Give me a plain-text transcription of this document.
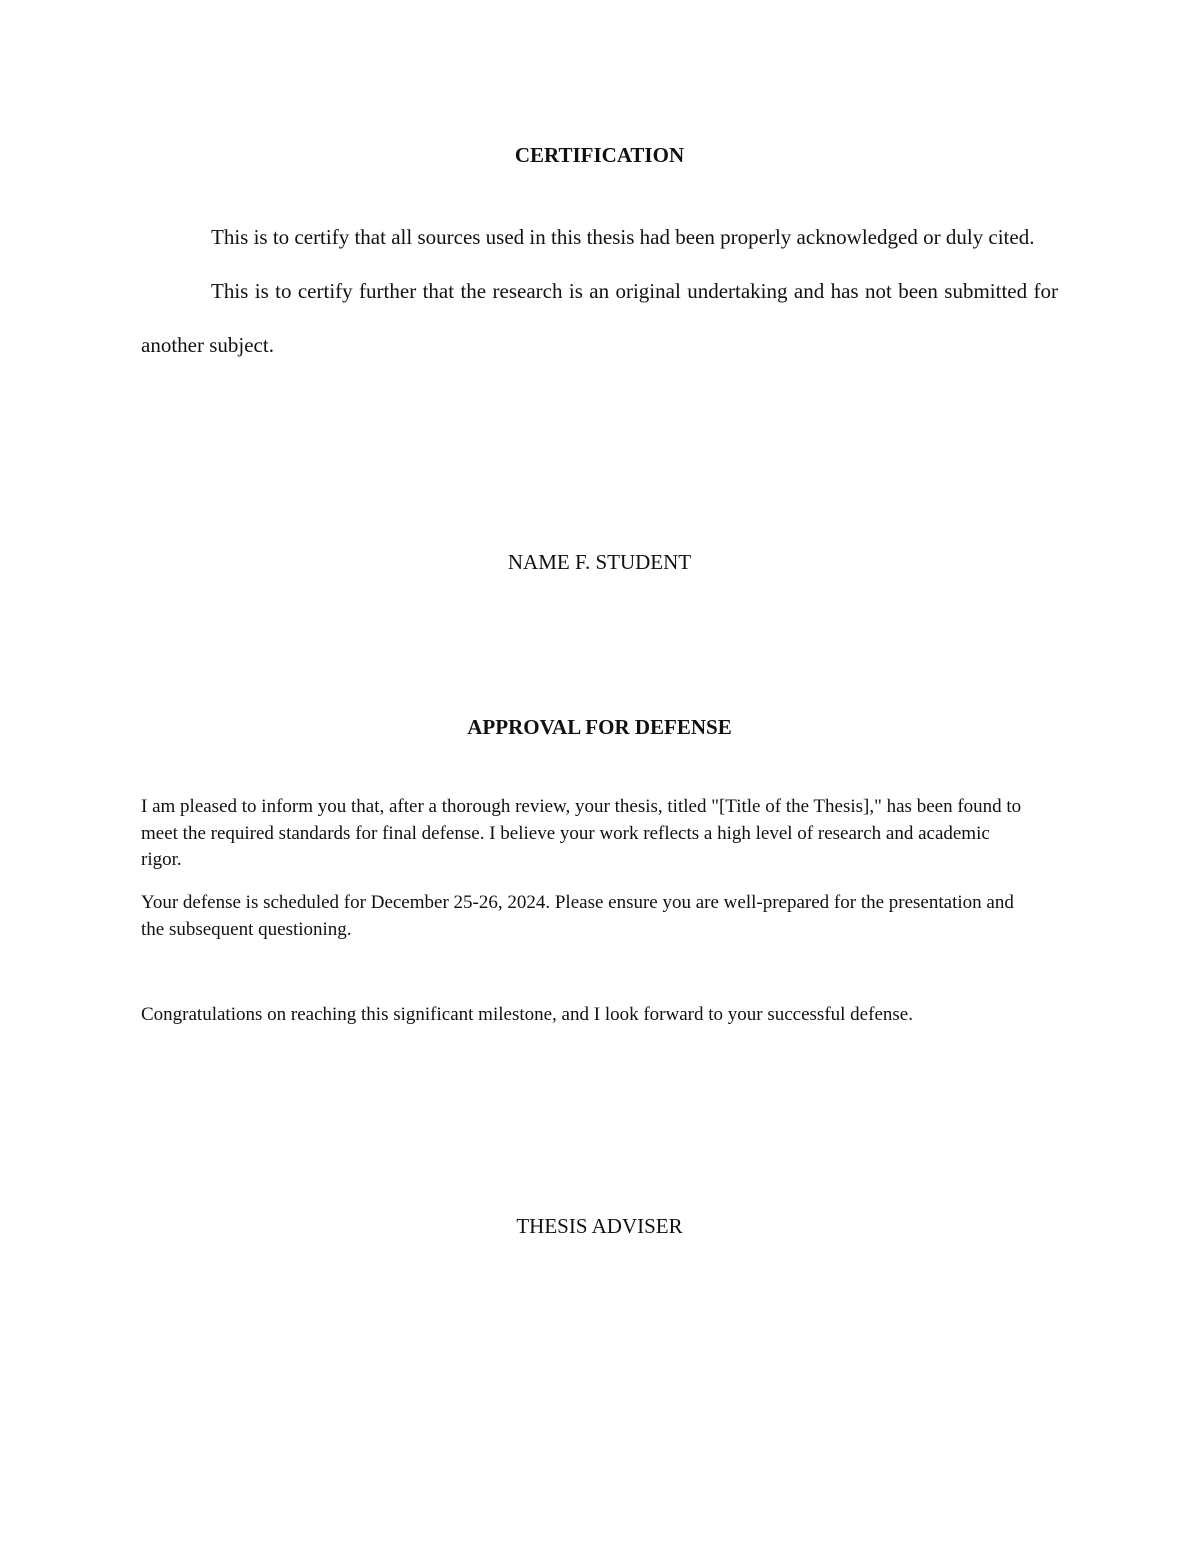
CERTIFICATION

This is to certify that all sources used in this thesis had been properly acknowledged or duly cited.

This is to certify further that the research is an original undertaking and has not been submitted for another subject.

NAME F. STUDENT

APPROVAL FOR DEFENSE

I am pleased to inform you that, after a thorough review, your thesis, titled "[Title of the Thesis]," has been found to meet the required standards for final defense. I believe your work reflects a high level of research and academic rigor.

Your defense is scheduled for December 25-26, 2024. Please ensure you are well-prepared for the presentation and the subsequent questioning.

Congratulations on reaching this significant milestone, and I look forward to your successful defense.

THESIS ADVISER
